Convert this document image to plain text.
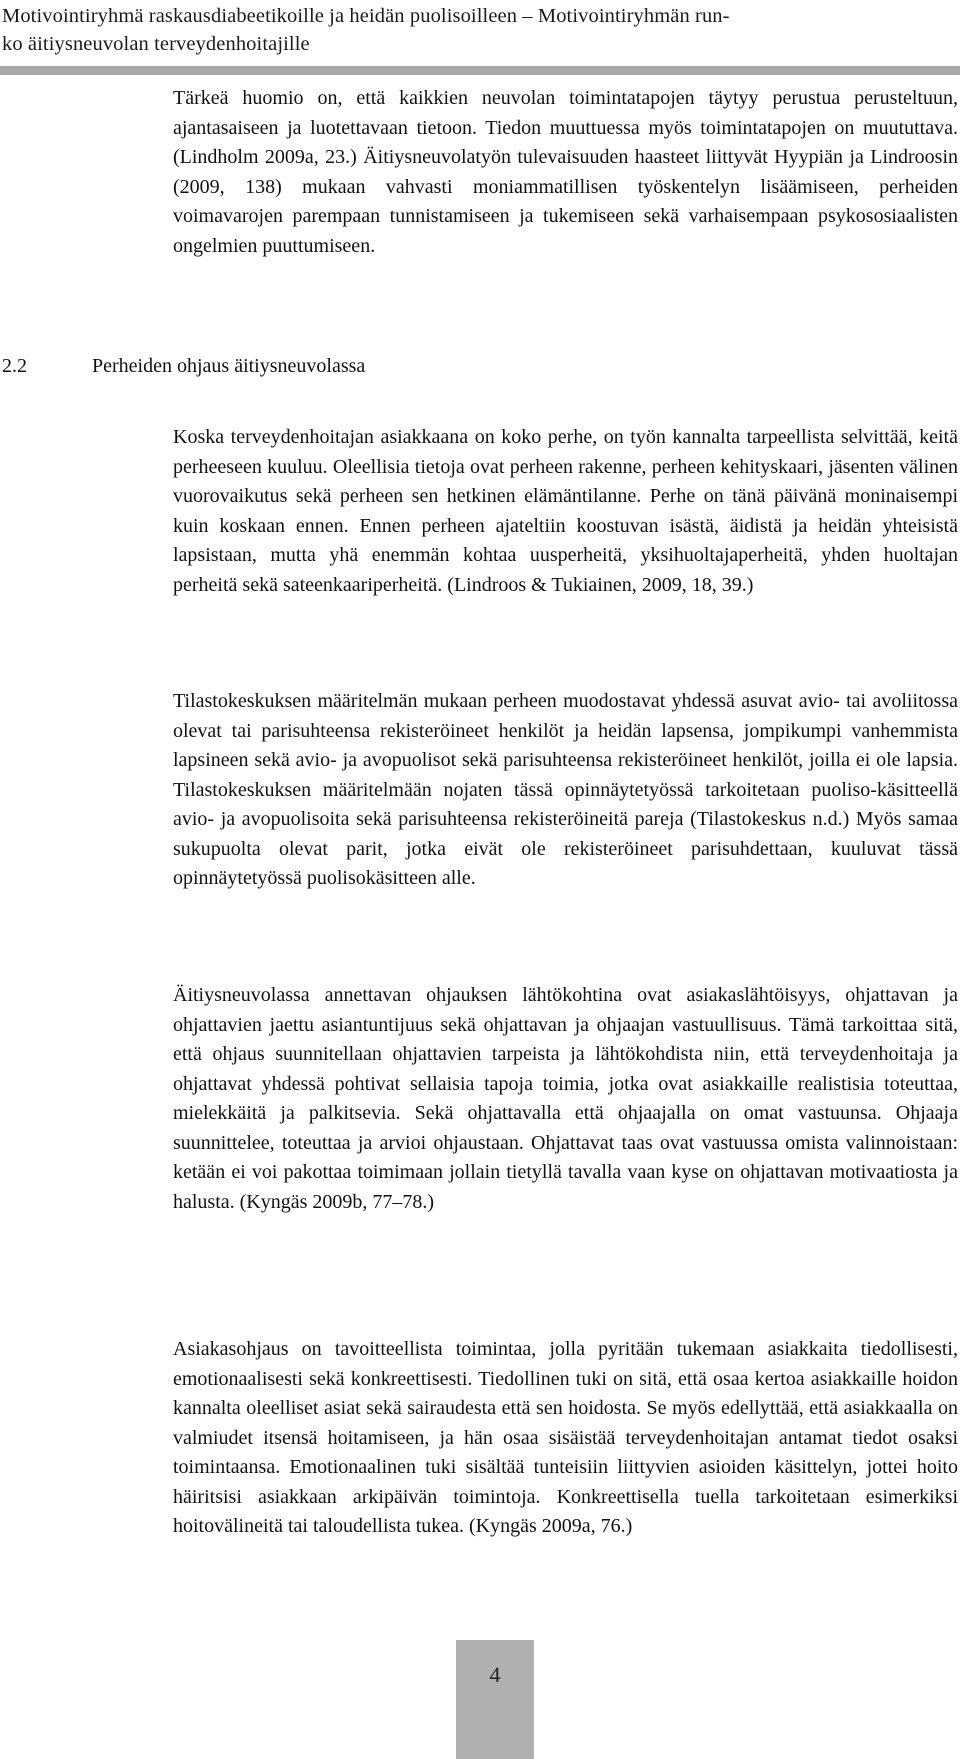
Motivointiryhmä raskausdiabeetikoille ja heidän puolisoilleen – Motivointiryhmän run-
ko äitiysneuvolan terveydenhoitajille

Tärkeä huomio on, että kaikkien neuvolan toimintatapojen täytyy perustua perusteltuun, ajantasaiseen ja luotettavaan tietoon. Tiedon muuttuessa myös toimintatapojen on muututtava. (Lindholm 2009a, 23.) Äitiysneuvolatyön tulevaisuuden haasteet liittyvät Hyypiän ja Lindroosin (2009, 138) mukaan vahvasti moniammatillisen työskentelyn lisäämiseen, perheiden voimavarojen parempaan tunnistamiseen ja tukemiseen sekä varhaisempaan psykososiaalisten ongelmien puuttumiseen.

2.2	Perheiden ohjaus äitiysneuvolassa

Koska terveydenhoitajan asiakkaana on koko perhe, on työn kannalta tarpeellista selvittää, keitä perheeseen kuuluu. Oleellisia tietoja ovat perheen rakenne, perheen kehityskaari, jäsenten välinen vuorovaikutus sekä perheen sen hetkinen elämäntilanne. Perhe on tänä päivänä moninaisempi kuin koskaan ennen. Ennen perheen ajateltiin koostuvan isästä, äidistä ja heidän yhteisistä lapsistaan, mutta yhä enemmän kohtaa uusperheitä, yksihuoltajaperheitä, yhden huoltajan perheitä sekä sateenkaariperheitä. (Lindroos & Tukiainen, 2009, 18, 39.)

Tilastokeskuksen määritelmän mukaan perheen muodostavat yhdessä asuvat avio- tai avoliitossa olevat tai parisuhteensa rekisteröineet henkilöt ja heidän lapsensa, jompikumpi vanhemmista lapsineen sekä avio- ja avopuolisot sekä parisuhteensa rekisteröineet henkilöt, joilla ei ole lapsia. Tilastokeskuksen määritelmään nojaten tässä opinnäytetyössä tarkoitetaan puoliso-käsitteellä avio- ja avopuolisoita sekä parisuhteensa rekisteröineitä pareja (Tilastokeskus n.d.) Myös samaa sukupuolta olevat parit, jotka eivät ole rekisteröineet parisuhdettaan, kuuluvat tässä opinnäytetyössä puolisokäsitteen alle.

Äitiysneuvolassa annettavan ohjauksen lähtökohtina ovat asiakaslähtöisyys, ohjattavan ja ohjattavien jaettu asiantuntijuus sekä ohjattavan ja ohjaajan vastuullisuus. Tämä tarkoittaa sitä, että ohjaus suunnitellaan ohjattavien tarpeista ja lähtökohdista niin, että terveydenhoitaja ja ohjattavat yhdessä pohtivat sellaisia tapoja toimia, jotka ovat asiakkaille realistisia toteuttaa, mielekkäitä ja palkitsevia. Sekä ohjattavalla että ohjaajalla on omat vastuunsa. Ohjaaja suunnittelee, toteuttaa ja arvioi ohjaustaan. Ohjattavat taas ovat vastuussa omista valinnoistaan: ketään ei voi pakottaa toimimaan jollain tietyllä tavalla vaan kyse on ohjattavan motivaatiosta ja halusta. (Kyngäs 2009b, 77–78.)

Asiakasohjaus on tavoitteellista toimintaa, jolla pyritään tukemaan asiakkaita tiedollisesti, emotionaalisesti sekä konkreettisesti. Tiedollinen tuki on sitä, että osaa kertoa asiakkaille hoidon kannalta oleelliset asiat sekä sairaudesta että sen hoidosta. Se myös edellyttää, että asiakkaalla on valmiudet itsensä hoitamiseen, ja hän osaa sisäistää terveydenhoitajan antamat tiedot osaksi toimintaansa. Emotionaalinen tuki sisältää tunteisiin liittyvien asioiden käsittelyn, jottei hoito häiritsisi asiakkaan arkipäivän toimintoja. Konkreettisella tuella tarkoitetaan esimerkiksi hoitovälineitä tai taloudellista tukea. (Kyngäs 2009a, 76.)

4
